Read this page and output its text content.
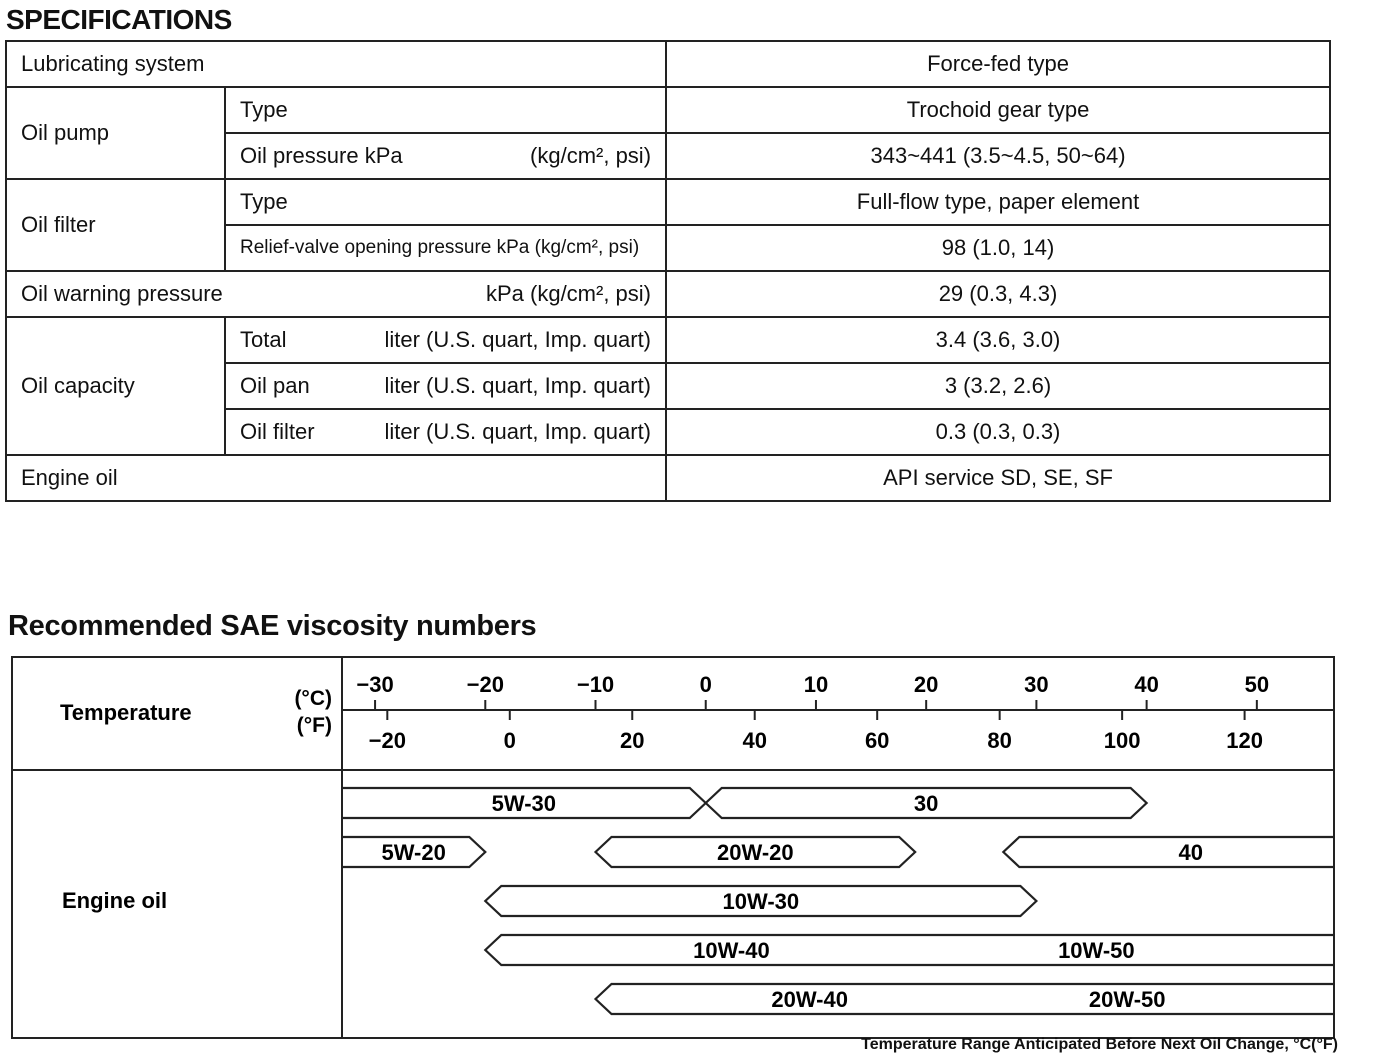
SPECIFICATIONS
Lubricating system		Force-fed type
Oil pump	Type	Trochoid gear type

	Oil pressure kPa (kg/cm², psi)	343~441 (3.5~4.5, 50~64)
Oil filter	Type	Full-flow type, paper element
	Relief-valve opening pressure kPa (kg/cm², psi)	98 (1.0, 14)

Oil warning pressure kPa (kg/cm², psi)		29 (0.3, 4.3)
Oil capacity	Total liter (U.S. quart, Imp. quart)	3.4 (3.6, 3.0)

	Oil pan liter (U.S. quart, Imp. quart)	3 (3.2, 2.6)

	Oil filter liter (U.S. quart, Imp. quart)	0.3 (0.3, 0.3)
Engine oil		API service SD, SE, SF
Recommended SAE viscosity numbers
Temperature
(°C)
(°F)
Engine oil
−30	−20	−10	0	10	20	30	40	50
−20	0	20	40	60	80	100	120
5W-30	30
5W-20	20W-20	40
10W-30
10W-40	10W-50
20W-40	20W-50
Temperature Range Anticipated Before Next Oil Change, °C(°F)
